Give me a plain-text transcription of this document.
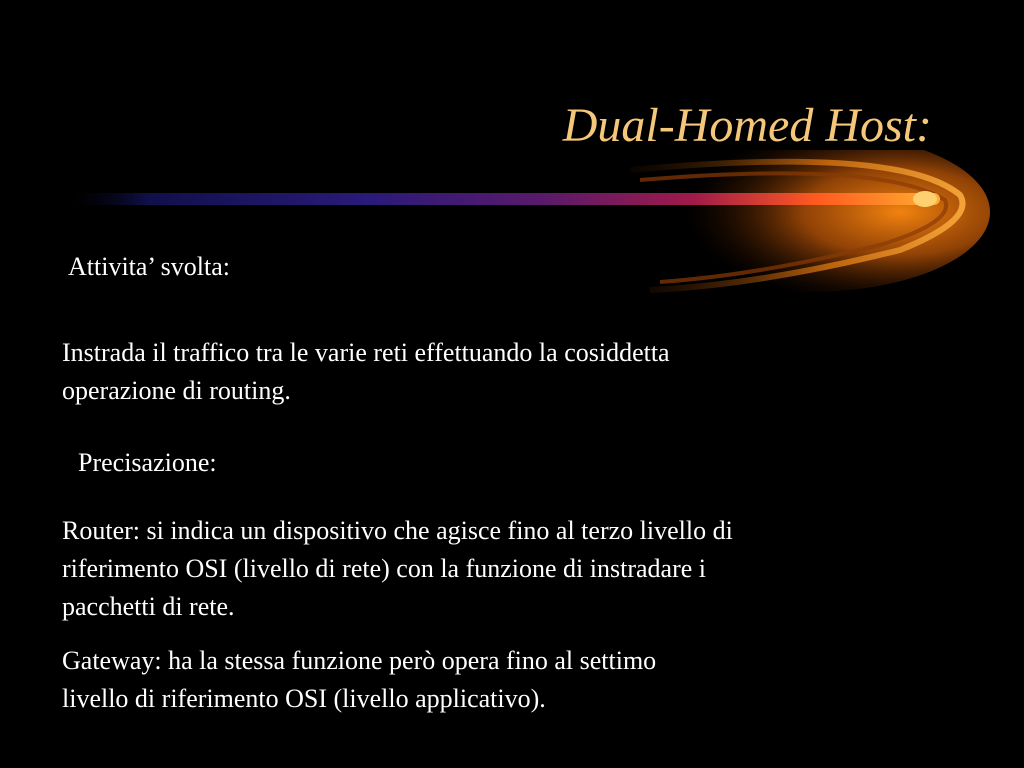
Dual-Homed Host:
Attivita’ svolta:
Instrada il traffico tra le varie reti effettuando la cosiddetta
operazione di routing.
Precisazione:
Router: si indica un dispositivo che agisce fino al terzo livello di
riferimento OSI (livello di rete) con la funzione di instradare i
pacchetti di rete.
Gateway: ha la stessa funzione però opera fino al settimo
livello di riferimento OSI (livello applicativo).
